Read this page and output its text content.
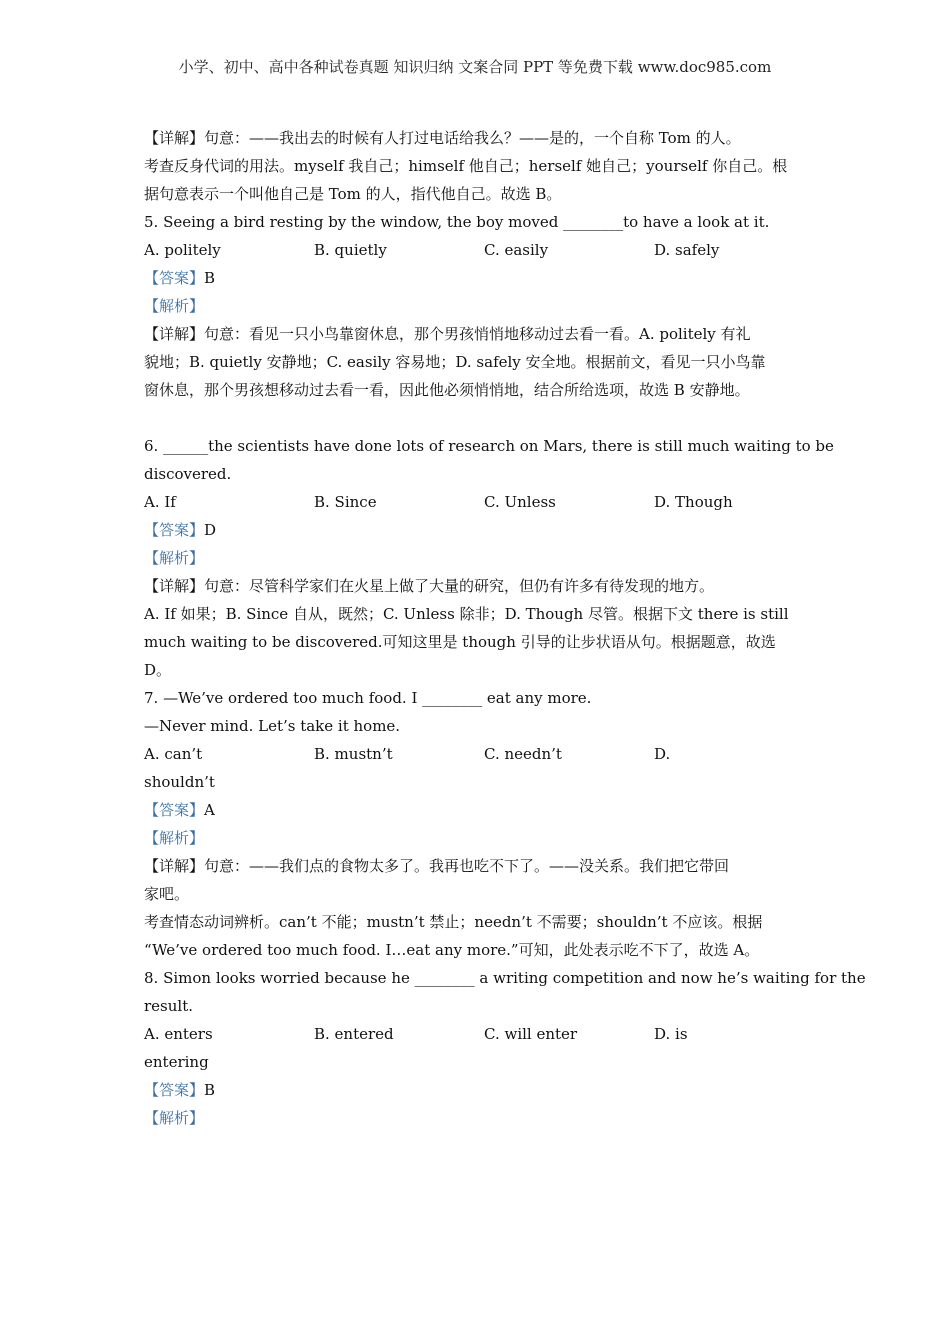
小学、初中、高中各种试卷真题 知识归纳 文案合同 PPT 等免费下载 www.doc985.com
【详解】句意：——我出去的时候有人打过电话给我么？——是的，一个自称 Tom 的人。
考查反身代词的用法。myself 我自己；himself 他自己；herself 她自己；yourself 你自己。根
据句意表示一个叫他自己是 Tom 的人，指代他自己。故选 B。
5. Seeing a bird resting by the window, the boy moved ________to have a look at it.
A. politely	B. quietly	C. easily	D. safely
【答案】B
【解析】
【详解】句意：看见一只小鸟靠窗休息，那个男孩悄悄地移动过去看一看。A. politely 有礼
貌地；B. quietly 安静地；C. easily 容易地；D. safely 安全地。根据前文，看见一只小鸟靠
窗休息，那个男孩想移动过去看一看，因此他必须悄悄地，结合所给选项，故选 B 安静地。
6. ______the scientists have done lots of research on Mars, there is still much waiting to be
discovered.
A. If	B. Since	C. Unless	D. Though
【答案】D
【解析】
【详解】句意：尽管科学家们在火星上做了大量的研究，但仍有许多有待发现的地方。
A. If 如果；B. Since 自从，既然；C. Unless 除非；D. Though 尽管。根据下文 there is still
much waiting to be discovered.可知这里是 though 引导的让步状语从句。根据题意，故选
D。
7. —We’ve ordered too much food. I ________ eat any more.
—Never mind. Let’s take it home.
A. can’t	B. mustn’t	C. needn’t	D.
shouldn’t
【答案】A
【解析】
【详解】句意：——我们点的食物太多了。我再也吃不下了。——没关系。我们把它带回
家吧。
考查情态动词辨析。can’t 不能；mustn’t 禁止；needn’t 不需要；shouldn’t 不应该。根据
“We’ve ordered too much food. I…eat any more.”可知，此处表示吃不下了，故选 A。
8. Simon looks worried because he ________ a writing competition and now he’s waiting for the
result.
A. enters	B. entered	C. will enter	D. is
entering
【答案】B
【解析】
